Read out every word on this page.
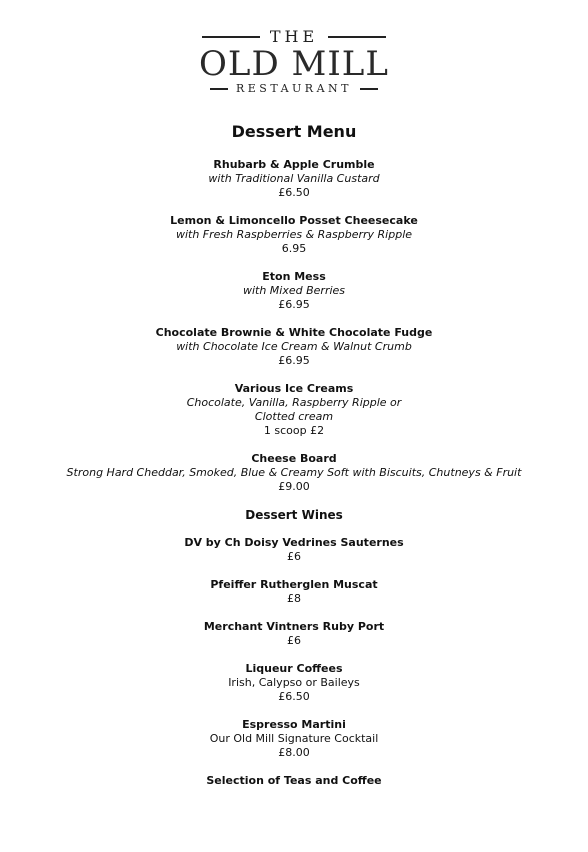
THE
OLD MILL
RESTAURANT
Dessert Menu
Rhubarb & Apple Crumble
with Traditional Vanilla Custard
£6.50
Lemon & Limoncello Posset Cheesecake
with Fresh Raspberries & Raspberry Ripple
6.95
Eton Mess
with Mixed Berries
£6.95
Chocolate Brownie & White Chocolate Fudge
with Chocolate Ice Cream & Walnut Crumb
£6.95
Various Ice Creams
Chocolate, Vanilla, Raspberry Ripple or
Clotted cream
1 scoop £2
Cheese Board
Strong Hard Cheddar, Smoked, Blue & Creamy Soft with Biscuits, Chutneys & Fruit
£9.00
Dessert Wines
DV by Ch Doisy Vedrines Sauternes
£6
Pfeiffer Rutherglen Muscat
£8
Merchant Vintners Ruby Port
£6
Liqueur Coffees
Irish, Calypso or Baileys
£6.50
Espresso Martini
Our Old Mill Signature Cocktail
£8.00
Selection of Teas and Coffee
